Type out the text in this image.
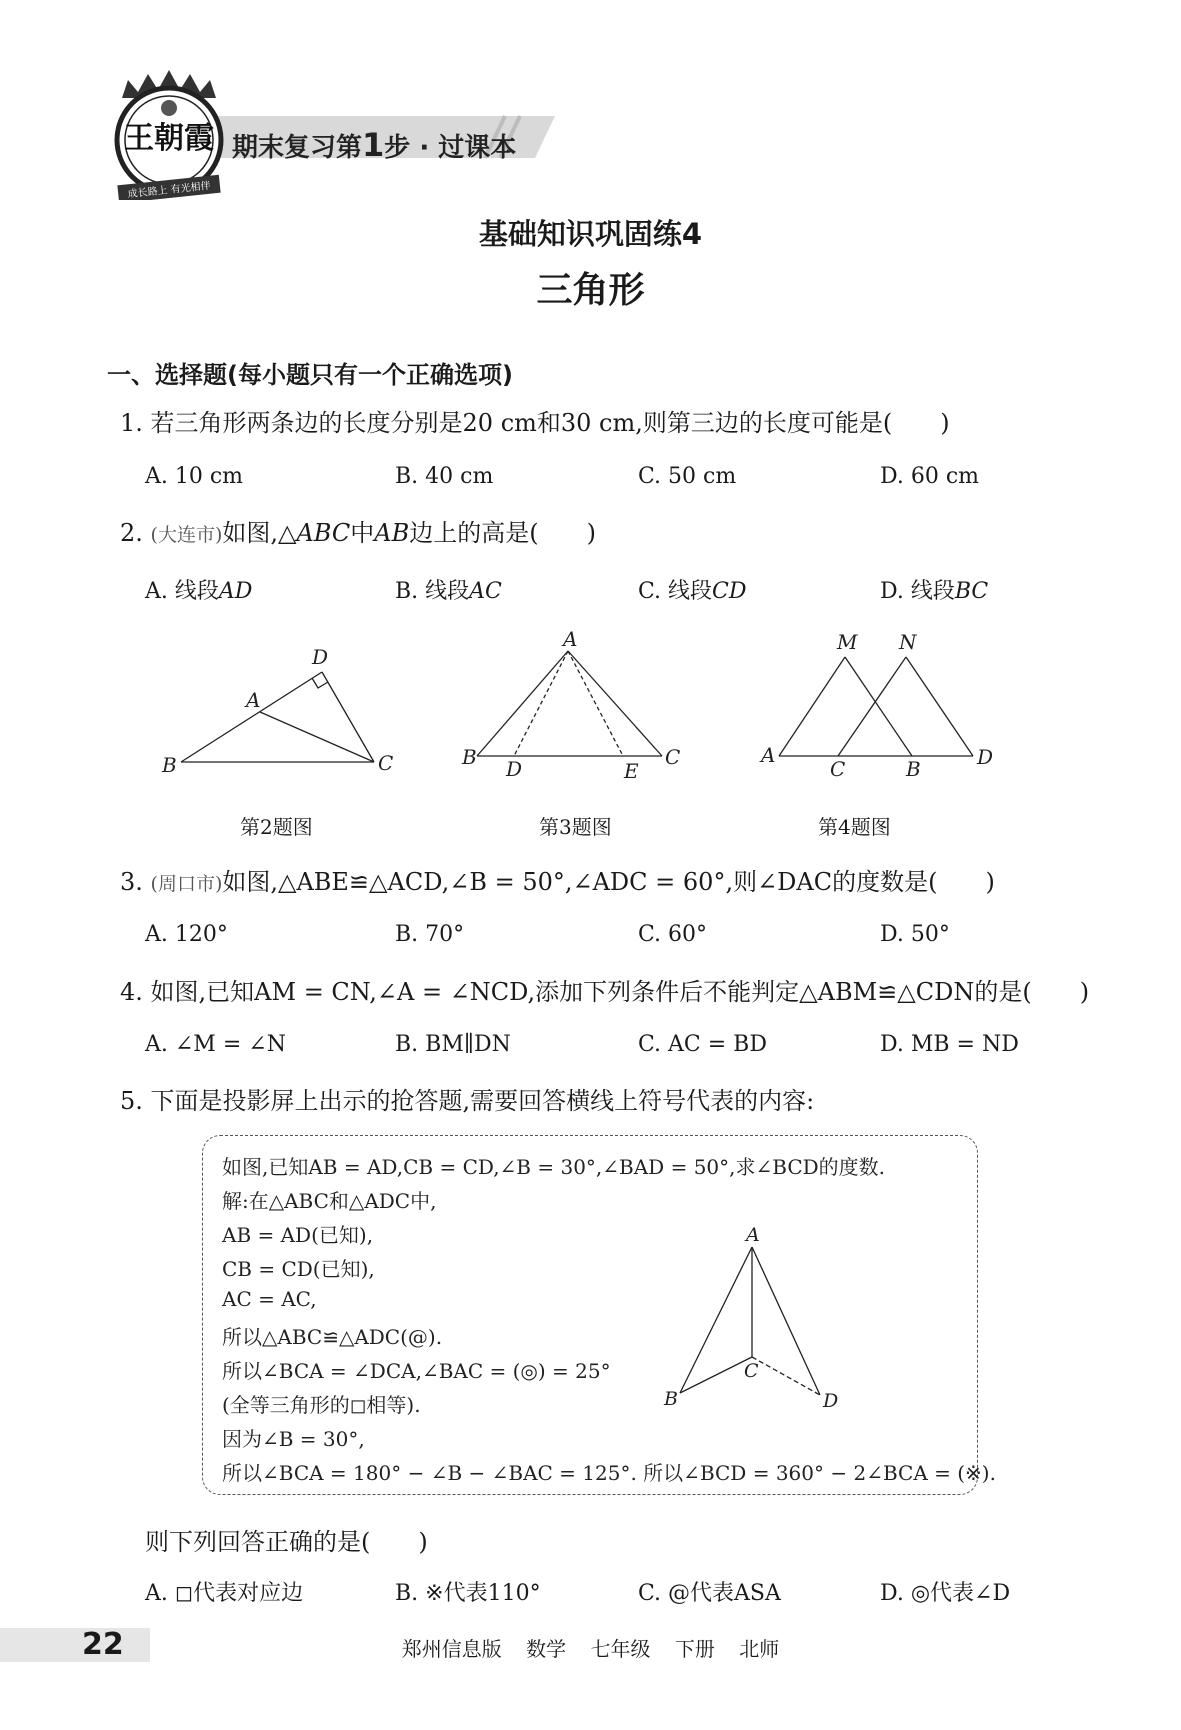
期末复习第1步 · 过课本
王朝霞
成长路上 有光相伴
基础知识巩固练4
三角形
一、选择题(每小题只有一个正确选项)
1. 若三角形两条边的长度分别是20 cm和30 cm,则第三边的长度可能是(　　)
A. 10 cm	B. 40 cm	C. 50 cm	D. 60 cm
2. (大连市)如图,△ABC中AB边上的高是(　　)
A. 线段AD	B. 线段AC	C. 线段CD	D. 线段BC
A
B	C
D
A
B	C
D	E
M N
A
C	B	D
第2题图	第3题图	第4题图
3. (周口市)如图,△ABE≌△ACD,∠B = 50°,∠ADC = 60°,则∠DAC的度数是(　　)
A. 120°	B. 70°	C. 60°	D. 50°
4. 如图,已知AM = CN,∠A = ∠NCD,添加下列条件后不能判定△ABM≌△CDN的是(　　)
A. ∠M = ∠N	B. BM∥DN	C. AC = BD	D. MB = ND
5. 下面是投影屏上出示的抢答题,需要回答横线上符号代表的内容:
如图,已知AB = AD,CB = CD,∠B = 30°,∠BAD = 50°,求∠BCD的度数.
解:在△ABC和△ADC中,
AB = AD(已知),
CB = CD(已知),
AC = AC,
所以△ABC≌△ADC(@).
所以∠BCA = ∠DCA,∠BAC = (◎) = 25°
(全等三角形的◻相等).
因为∠B = 30°,
所以∠BCA = 180° − ∠B − ∠BAC = 125°. 所以∠BCD = 360° − 2∠BCA = (※).
A
B
C
D
则下列回答正确的是(　　)
A. ◻代表对应边	B. ※代表110°	C. @代表ASA	D. ◎代表∠D
22	郑州信息版 数学 七年级 下册 北师
